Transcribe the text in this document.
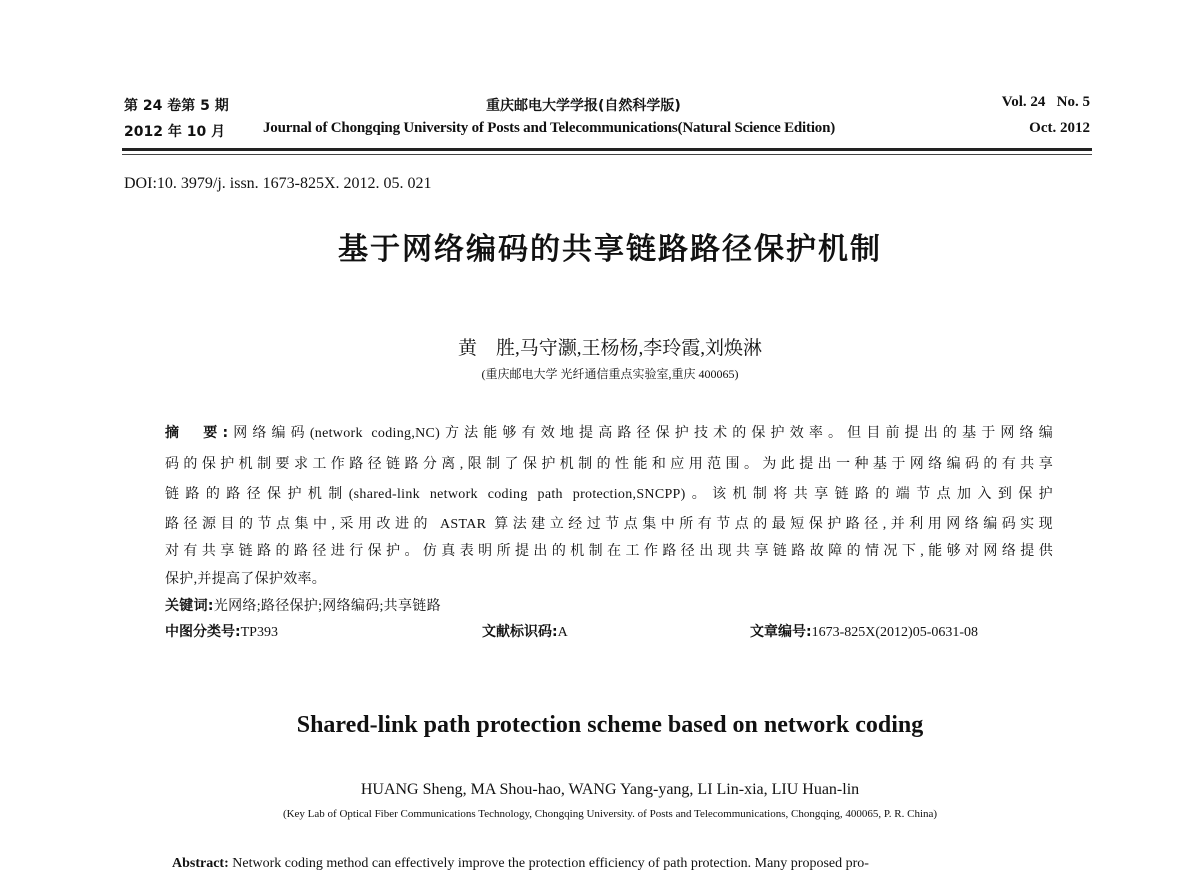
第 24 卷第 5 期	重庆邮电大学学报(自然科学版)	Vol. 24   No. 5
2012 年 10 月	Journal of Chongqing University of Posts and Telecommunications(Natural Science Edition)	Oct. 2012
DOI:10. 3979/j. issn. 1673-825X. 2012. 05. 021
基于网络编码的共享链路路径保护机制
黄　胜,马守灏,王杨杨,李玲霞,刘焕淋
(重庆邮电大学 光纤通信重点实验室,重庆 400065)
摘　要:网络编码(network coding,NC)方法能够有效地提高路径保护技术的保护效率。但目前提出的基于网络编
码的保护机制要求工作路径链路分离,限制了保护机制的性能和应用范围。为此提出一种基于网络编码的有共享
链路的路径保护机制(shared-link network coding path protection,SNCPP)。该机制将共享链路的端节点加入到保护
路径源目的节点集中,采用改进的 ASTAR 算法建立经过节点集中所有节点的最短保护路径,并利用网络编码实现
对有共享链路的路径进行保护。仿真表明所提出的机制在工作路径出现共享链路故障的情况下,能够对网络提供
保护,并提高了保护效率。
关键词:光网络;路径保护;网络编码;共享链路
中图分类号:TP393	文献标识码:A	文章编号:1673-825X(2012)05-0631-08
Shared-link path protection scheme based on network coding
HUANG Sheng, MA Shou-hao, WANG Yang-yang, LI Lin-xia, LIU Huan-lin
(Key Lab of Optical Fiber Communications Technology, Chongqing University. of Posts and Telecommunications, Chongqing, 400065, P. R. China)
Abstract: Network coding method can effectively improve the protection efficiency of path protection. Many proposed pro-
